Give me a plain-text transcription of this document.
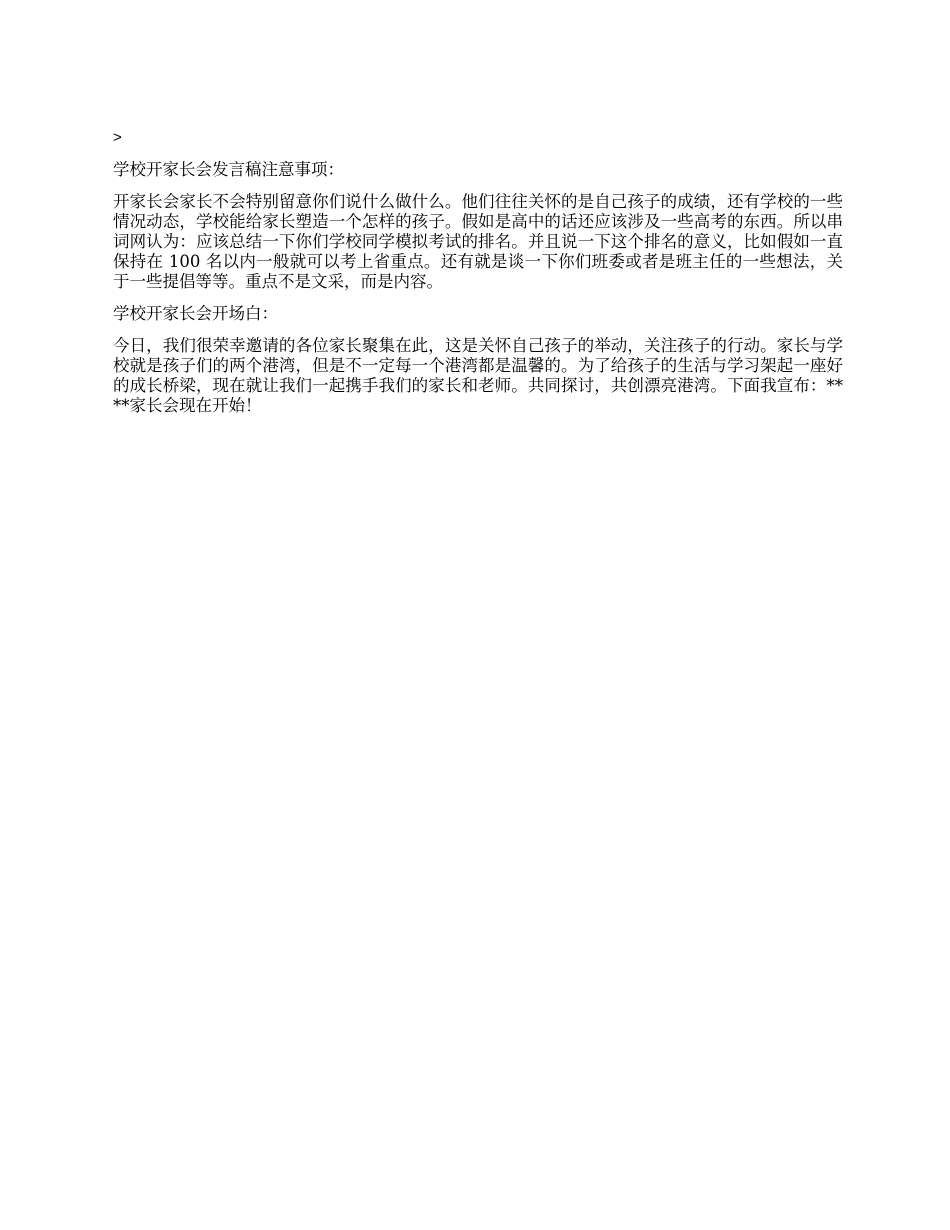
>

学校开家长会发言稿注意事项：

开家长会家长不会特别留意你们说什么做什么。他们往往关怀的是自己孩子的成绩，还有学校的一些情况动态，学校能给家长塑造一个怎样的孩子。假如是高中的话还应该涉及一些高考的东西。所以串词网认为：应该总结一下你们学校同学模拟考试的排名。并且说一下这个排名的意义，比如假如一直保持在 100 名以内一般就可以考上省重点。还有就是谈一下你们班委或者是班主任的一些想法，关于一些提倡等等。重点不是文采，而是内容。

学校开家长会开场白：

今日，我们很荣幸邀请的各位家长聚集在此，这是关怀自己孩子的举动，关注孩子的行动。家长与学校就是孩子们的两个港湾，但是不一定每一个港湾都是温馨的。为了给孩子的生活与学习架起一座好的成长桥梁，现在就让我们一起携手我们的家长和老师。共同探讨，共创漂亮港湾。下面我宣布：****家长会现在开始！
